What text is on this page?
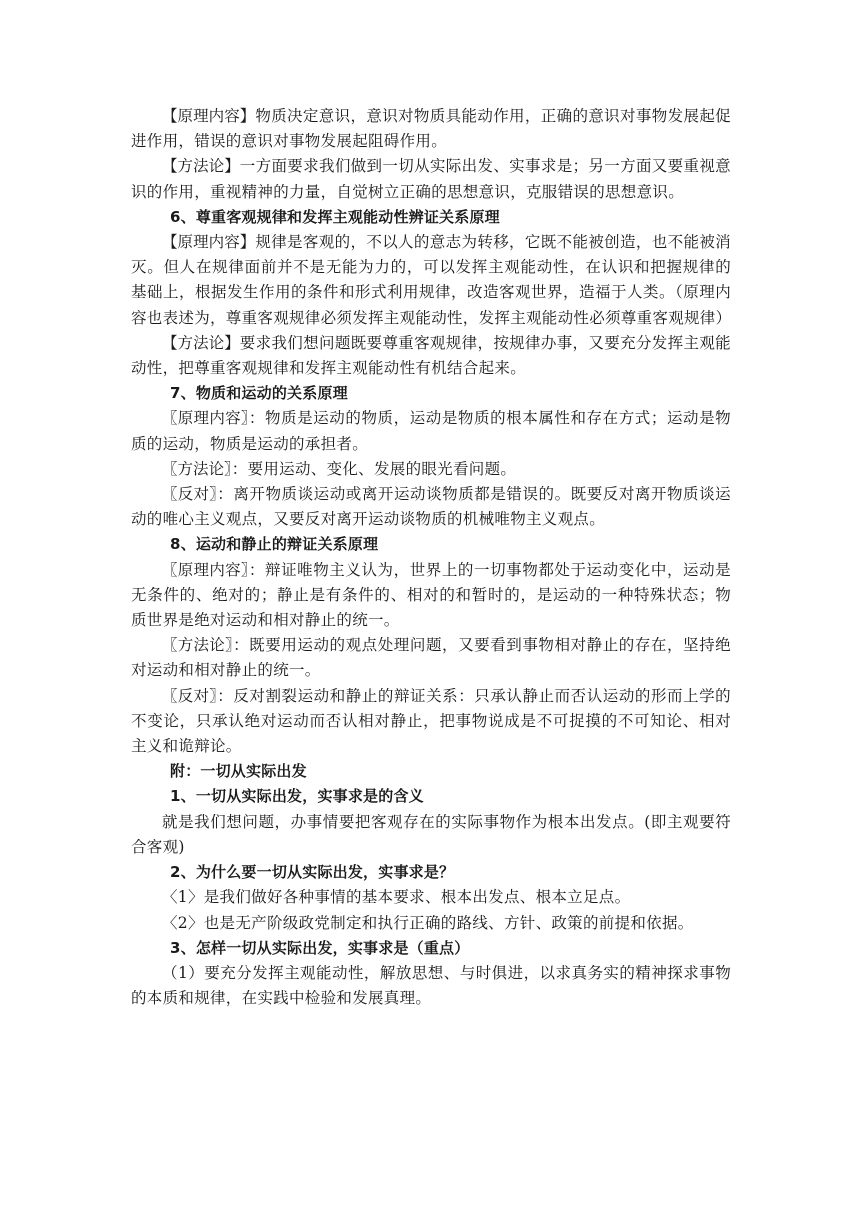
【原理内容】物质决定意识，意识对物质具能动作用，正确的意识对事物发展起促进作用，错误的意识对事物发展起阻碍作用。

【方法论】一方面要求我们做到一切从实际出发、实事求是；另一方面又要重视意识的作用，重视精神的力量，自觉树立正确的思想意识，克服错误的思想意识。

6、尊重客观规律和发挥主观能动性辨证关系原理

【原理内容】规律是客观的，不以人的意志为转移，它既不能被创造，也不能被消灭。但人在规律面前并不是无能为力的，可以发挥主观能动性，在认识和把握规律的基础上，根据发生作用的条件和形式利用规律，改造客观世界，造福于人类。（原理内容也表述为，尊重客观规律必须发挥主观能动性，发挥主观能动性必须尊重客观规律）

【方法论】要求我们想问题既要尊重客观规律，按规律办事，又要充分发挥主观能动性，把尊重客观规律和发挥主观能动性有机结合起来。

7、物质和运动的关系原理

〖原理内容〗：物质是运动的物质，运动是物质的根本属性和存在方式；运动是物质的运动，物质是运动的承担者。

〖方法论〗：要用运动、变化、发展的眼光看问题。

〖反对〗：离开物质谈运动或离开运动谈物质都是错误的。既要反对离开物质谈运动的唯心主义观点，又要反对离开运动谈物质的机械唯物主义观点。

8、运动和静止的辩证关系原理

〖原理内容〗：辩证唯物主义认为，世界上的一切事物都处于运动变化中，运动是无条件的、绝对的；静止是有条件的、相对的和暂时的，是运动的一种特殊状态；物质世界是绝对运动和相对静止的统一。

〖方法论〗：既要用运动的观点处理问题，又要看到事物相对静止的存在，坚持绝对运动和相对静止的统一。

〖反对〗：反对割裂运动和静止的辩证关系：只承认静止而否认运动的形而上学的不变论，只承认绝对运动而否认相对静止，把事物说成是不可捉摸的不可知论、相对主义和诡辩论。

附：一切从实际出发

1、一切从实际出发，实事求是的含义

就是我们想问题，办事情要把客观存在的实际事物作为根本出发点。(即主观要符合客观)

2、为什么要一切从实际出发，实事求是？

〈1〉是我们做好各种事情的基本要求、根本出发点、根本立足点。

〈2〉也是无产阶级政党制定和执行正确的路线、方针、政策的前提和依据。

3、怎样一切从实际出发，实事求是（重点）

（1）要充分发挥主观能动性，解放思想、与时俱进，以求真务实的精神探求事物的本质和规律，在实践中检验和发展真理。
